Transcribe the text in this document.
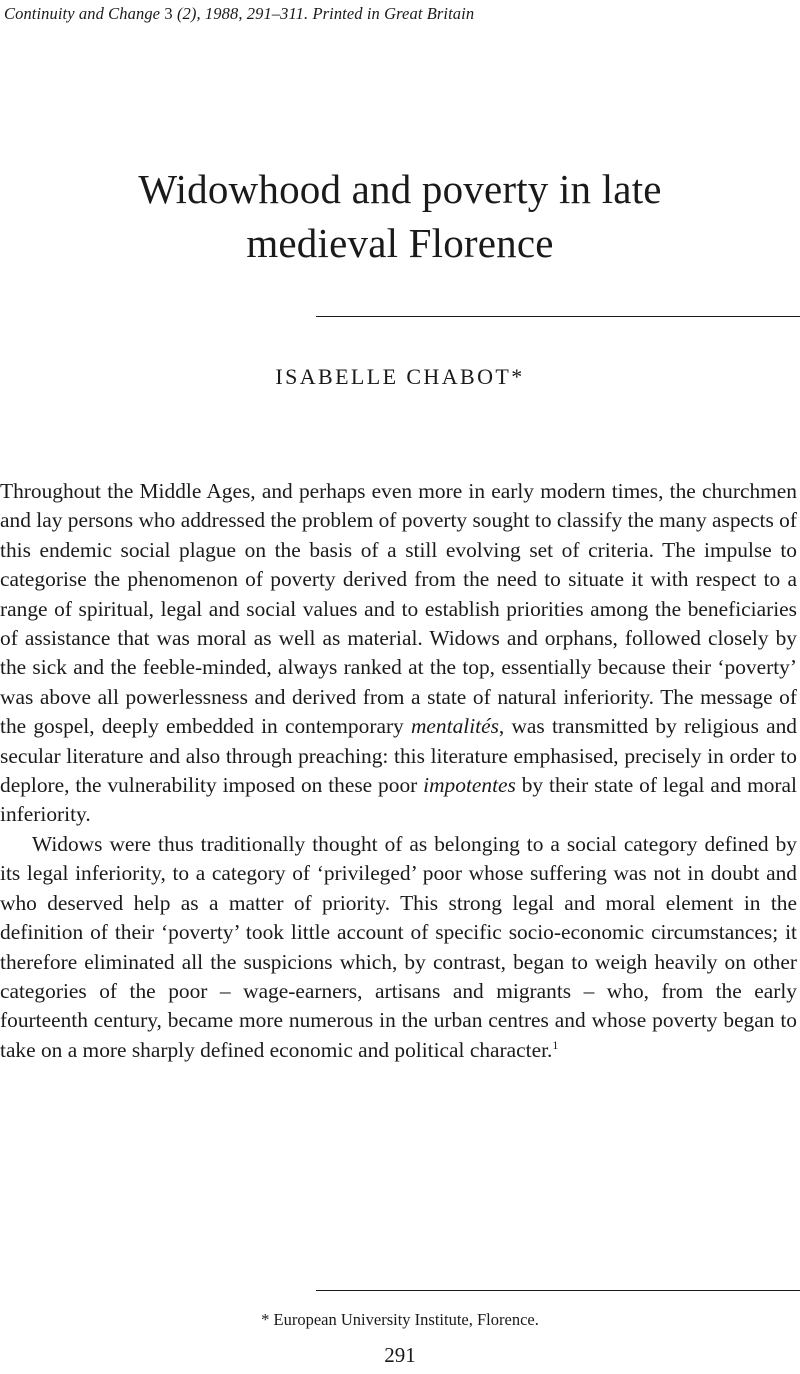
Continuity and Change 3 (2), 1988, 291–311. Printed in Great Britain
Widowhood and poverty in late
medieval Florence

ISABELLE CHABOT*

Throughout the Middle Ages, and perhaps even more in early modern times, the churchmen and lay persons who addressed the problem of poverty sought to classify the many aspects of this endemic social plague on the basis of a still evolving set of criteria. The impulse to categorise the phenomenon of poverty derived from the need to situate it with respect to a range of spiritual, legal and social values and to establish priorities among the beneficiaries of assistance that was moral as well as material. Widows and orphans, followed closely by the sick and the feeble-minded, always ranked at the top, essentially because their ‘poverty’ was above all powerlessness and derived from a state of natural inferiority. The message of the gospel, deeply embedded in contemporary mentalités, was transmitted by religious and secular literature and also through preaching: this literature emphasised, precisely in order to deplore, the vulnerability imposed on these poor impotentes by their state of legal and moral inferiority.

Widows were thus traditionally thought of as belonging to a social category defined by its legal inferiority, to a category of ‘privileged’ poor whose suffering was not in doubt and who deserved help as a matter of priority. This strong legal and moral element in the definition of their ‘poverty’ took little account of specific socio-economic circumstances; it therefore eliminated all the suspicions which, by contrast, began to weigh heavily on other categories of the poor – wage-earners, artisans and migrants – who, from the early fourteenth century, became more numerous in the urban centres and whose poverty began to take on a more sharply defined economic and political character.$^1$

* European University Institute, Florence.

291
